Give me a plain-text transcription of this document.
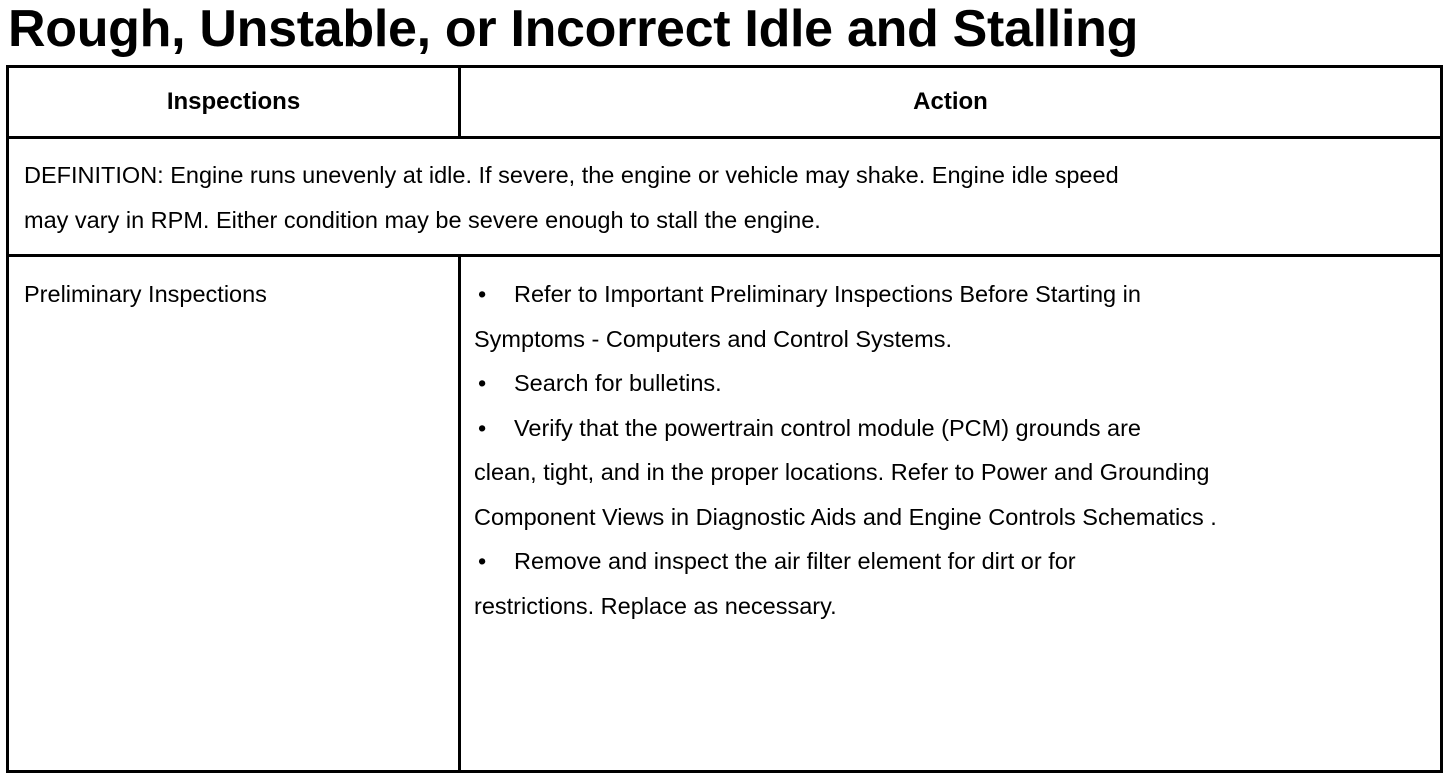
Rough, Unstable, or Incorrect Idle and Stalling
Inspections	Action
DEFINITION: Engine runs unevenly at idle. If severe, the engine or vehicle may shake. Engine idle speed
may vary in RPM. Either condition may be severe enough to stall the engine.
Preliminary Inspections	• Refer to Important Preliminary Inspections Before Starting in
Symptoms - Computers and Control Systems.
• Search for bulletins.
• Verify that the powertrain control module (PCM) grounds are
clean, tight, and in the proper locations. Refer to Power and Grounding
Component Views in Diagnostic Aids and Engine Controls Schematics .
• Remove and inspect the air filter element for dirt or for
restrictions. Replace as necessary.
